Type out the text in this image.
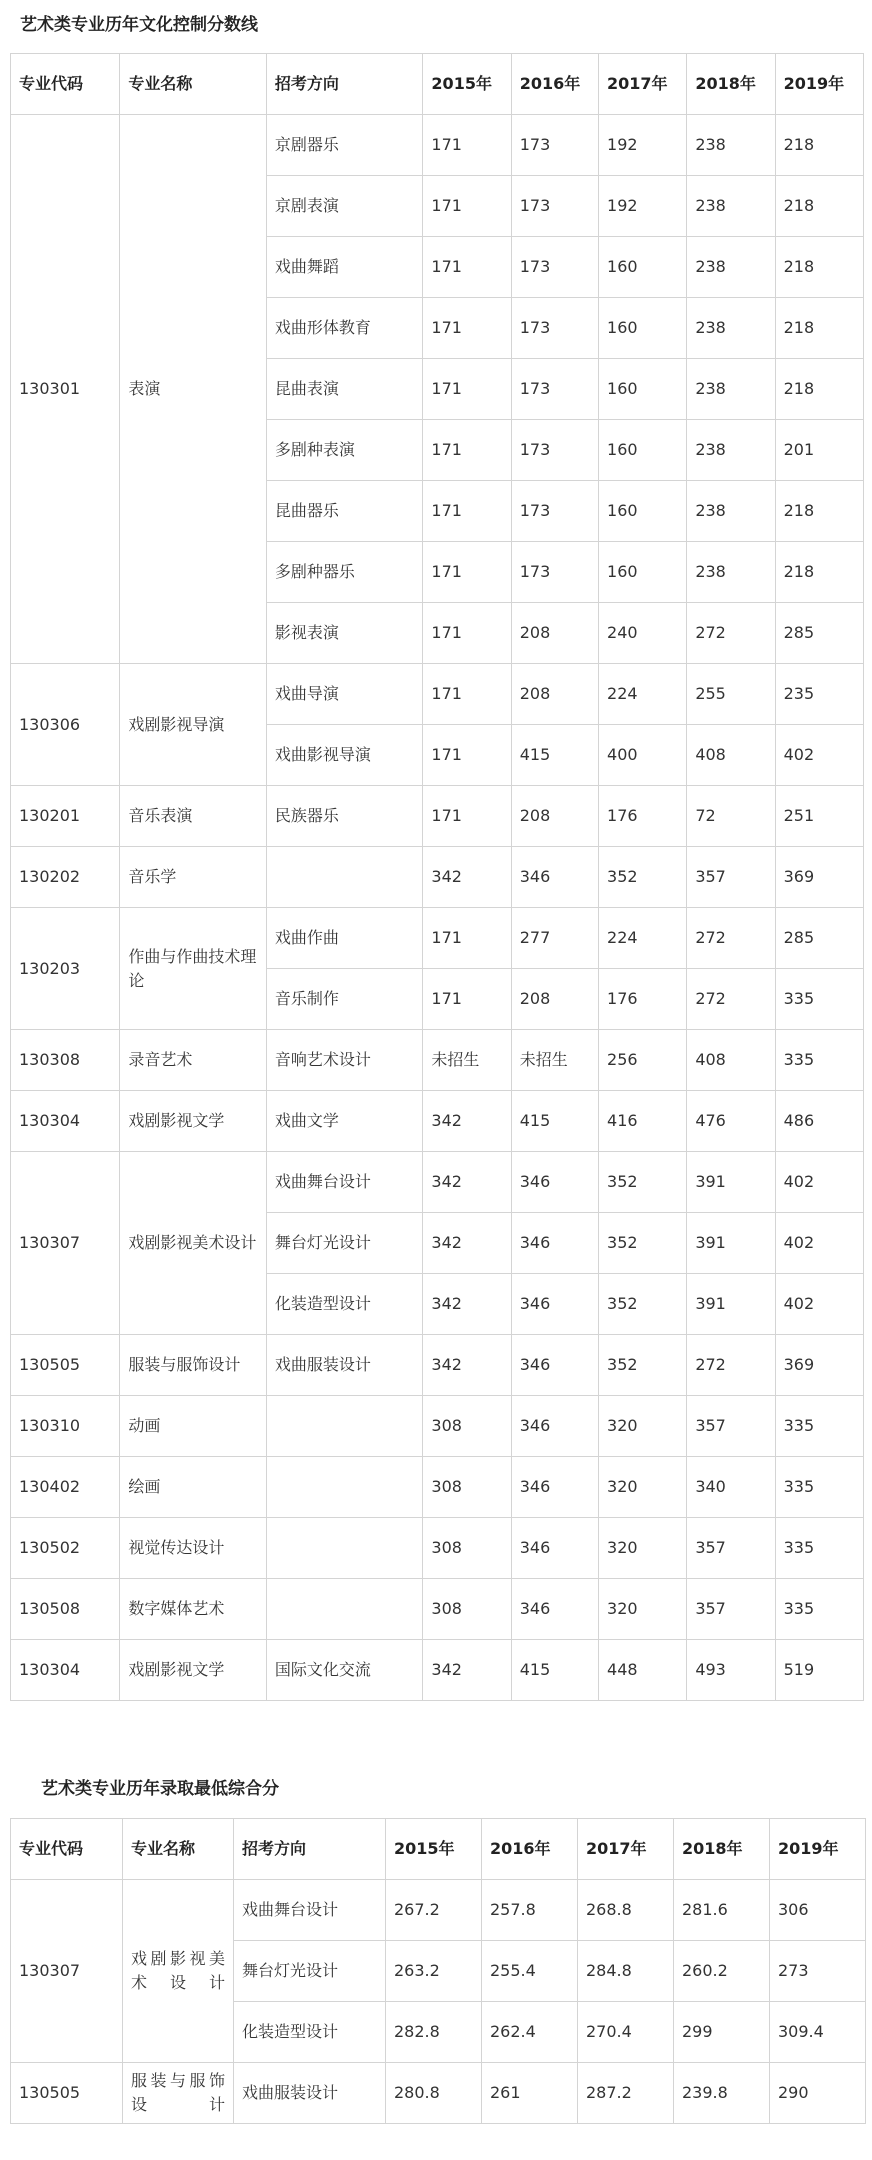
艺术类专业历年文化控制分数线
专业代码	专业名称	招考方向	2015年	2016年	2017年	2018年	2019年
130301	表演	京剧器乐	171	173	192	238	218
		京剧表演	171	173	192	238	218
		戏曲舞蹈	171	173	160	238	218
		戏曲形体教育	171	173	160	238	218
		昆曲表演	171	173	160	238	218
		多剧种表演	171	173	160	238	201
		昆曲器乐	171	173	160	238	218
		多剧种器乐	171	173	160	238	218
		影视表演	171	208	240	272	285
130306	戏剧影视导演	戏曲导演	171	208	224	255	235
		戏曲影视导演	171	415	400	408	402
130201	音乐表演	民族器乐	171	208	176	72	251
130202	音乐学		342	346	352	357	369
130203	作曲与作曲技术理论	戏曲作曲	171	277	224	272	285
		音乐制作	171	208	176	272	335
130308	录音艺术	音响艺术设计	未招生	未招生	256	408	335
130304	戏剧影视文学	戏曲文学	342	415	416	476	486
130307	戏剧影视美术设计	戏曲舞台设计	342	346	352	391	402
		舞台灯光设计	342	346	352	391	402
		化装造型设计	342	346	352	391	402
130505	服装与服饰设计	戏曲服装设计	342	346	352	272	369
130310	动画		308	346	320	357	335
130402	绘画		308	346	320	340	335
130502	视觉传达设计		308	346	320	357	335
130508	数字媒体艺术		308	346	320	357	335
130304	戏剧影视文学	国际文化交流	342	415	448	493	519
艺术类专业历年录取最低综合分
专业代码	专业名称	招考方向	2015年	2016年	2017年	2018年	2019年
130307	戏剧影视美术设计	戏曲舞台设计	267.2	257.8	268.8	281.6	306
		舞台灯光设计	263.2	255.4	284.8	260.2	273
		化装造型设计	282.8	262.4	270.4	299	309.4
130505	服装与服饰设计	戏曲服装设计	280.8	261	287.2	239.8	290
